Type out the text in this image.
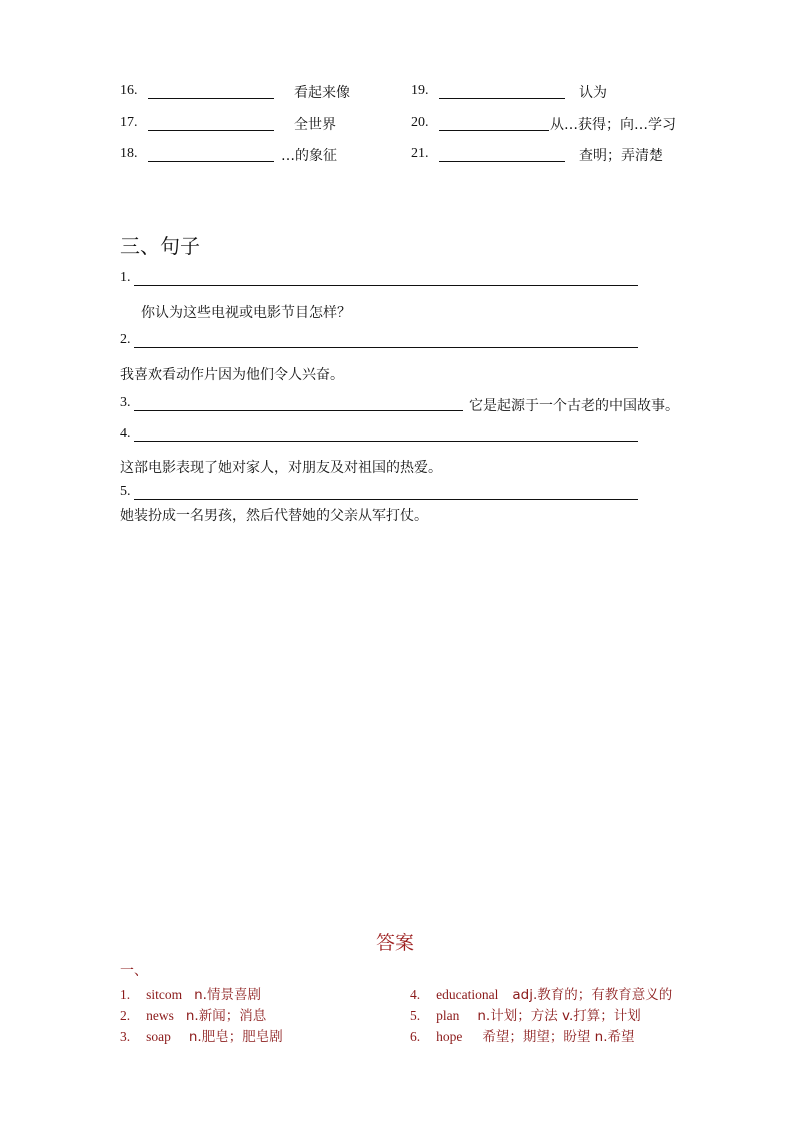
16.	看起来像
17.	全世界
18.	…的象征
19.	认为
20.	从…获得；向…学习
21.	查明；弄清楚
三、句子
1.
你认为这些电视或电影节目怎样？
2.
我喜欢看动作片因为他们令人兴奋。
3.	它是起源于一个古老的中国故事。
4.
这部电影表现了她对家人，对朋友及对祖国的热爱。
5.
她装扮成一名男孩，然后代替她的父亲从军打仗。
答案
一、
1. sitcom n.情景喜剧
2. news n.新闻；消息
3. soap n.肥皂；肥皂剧
4. educational adj.教育的；有教育意义的
5. plan n.计划；方法 v.打算；计划
6. hope 希望；期望；盼望 n.希望
